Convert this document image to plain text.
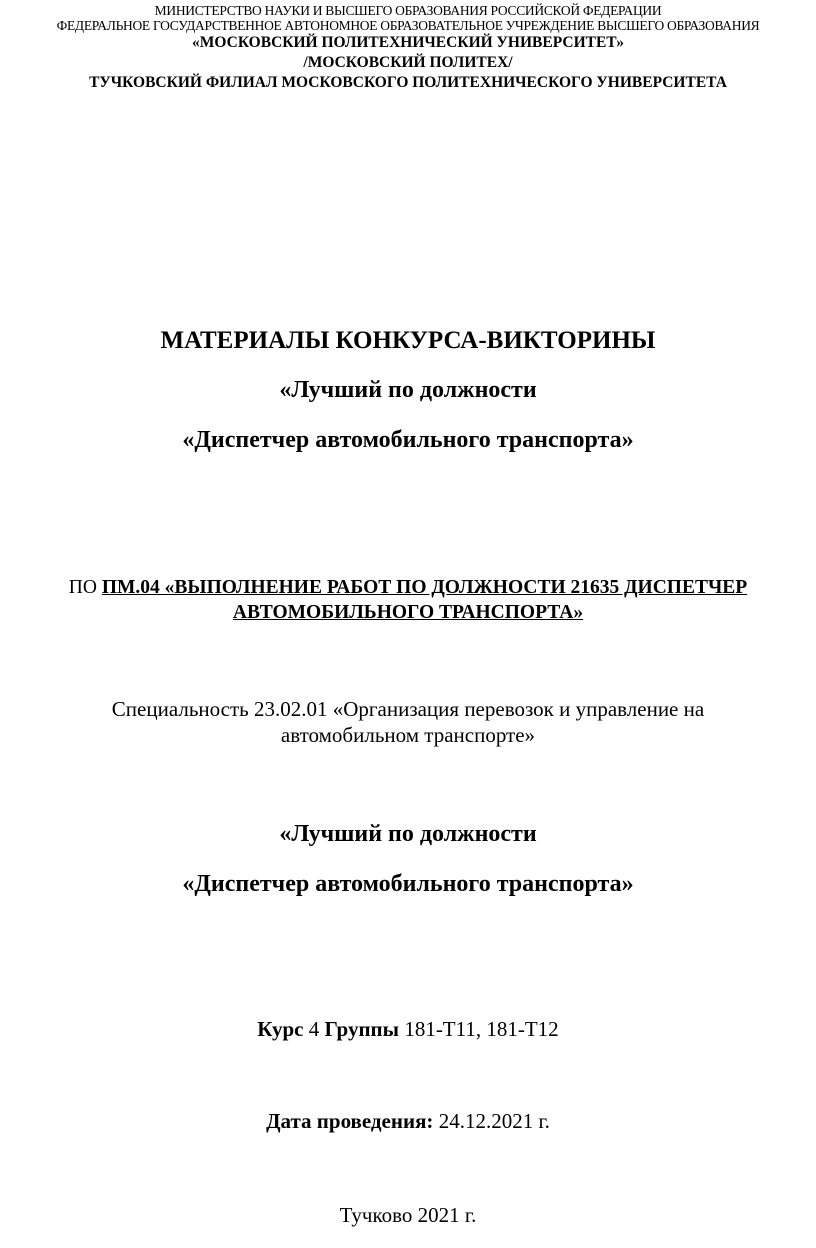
МИНИСТЕРСТВО НАУКИ И ВЫСШЕГО ОБРАЗОВАНИЯ РОССИЙСКОЙ ФЕДЕРАЦИИ
ФЕДЕРАЛЬНОЕ ГОСУДАРСТВЕННОЕ АВТОНОМНОЕ ОБРАЗОВАТЕЛЬНОЕ УЧРЕЖДЕНИЕ ВЫСШЕГО ОБРАЗОВАНИЯ
«МОСКОВСКИЙ ПОЛИТЕХНИЧЕСКИЙ УНИВЕРСИТЕТ»
/МОСКОВСКИЙ ПОЛИТЕХ/
ТУЧКОВСКИЙ ФИЛИАЛ МОСКОВСКОГО ПОЛИТЕХНИЧЕСКОГО УНИВЕРСИТЕТА
МАТЕРИАЛЫ КОНКУРСА-ВИКТОРИНЫ
«Лучший по должности
«Диспетчер автомобильного транспорта»
ПО ПМ.04 «ВЫПОЛНЕНИЕ РАБОТ ПО ДОЛЖНОСТИ 21635 ДИСПЕТЧЕР
АВТОМОБИЛЬНОГО ТРАНСПОРТА»
Специальность 23.02.01 «Организация перевозок и управление на
автомобильном транспорте»
«Лучший по должности
«Диспетчер автомобильного транспорта»
Курс 4 Группы 181-Т11, 181-Т12
Дата проведения: 24.12.2021 г.
Тучково 2021 г.
